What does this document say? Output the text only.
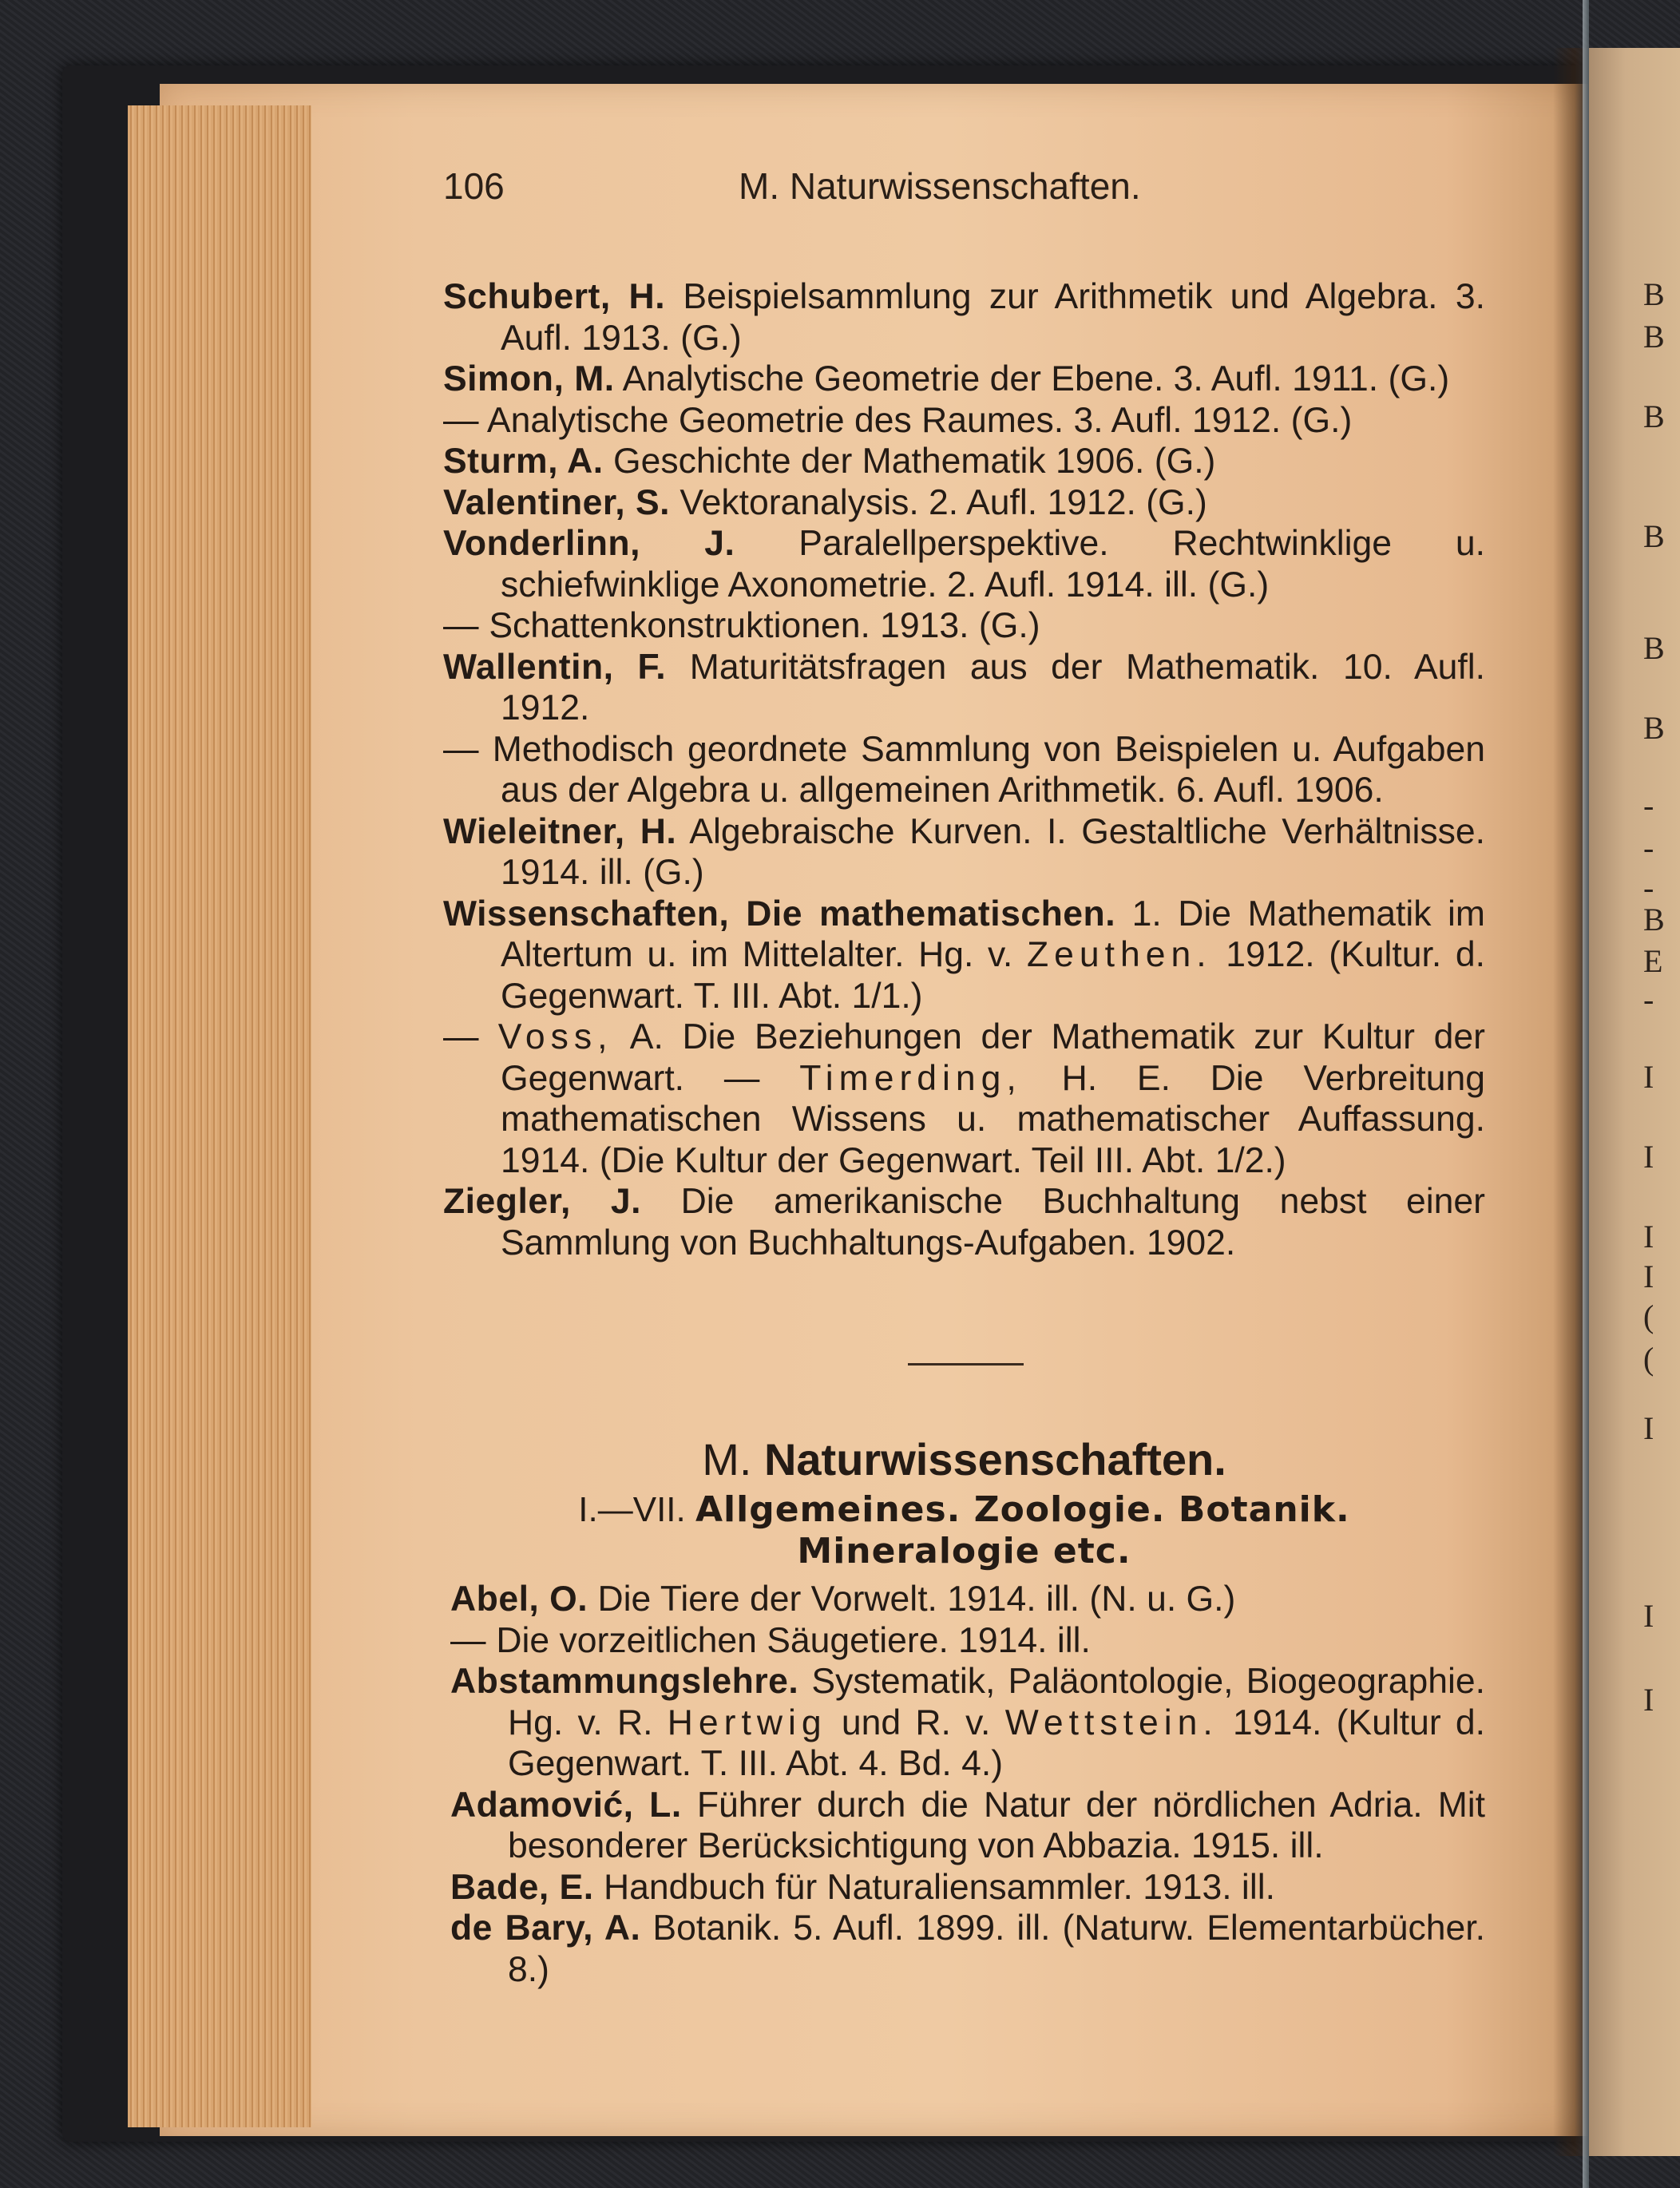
B
B
B
B
B
B
-
-
-
B
E
-
I
I
I
I
(
(
I
I
I
106	M. Naturwissenschaften.
Schubert, H. Beispielsammlung zur Arithmetik und Algebra. 3. Aufl. 1913. (G.)
Simon, M. Analytische Geometrie der Ebene. 3. Aufl. 1911. (G.)
— Analytische Geometrie des Raumes. 3. Aufl. 1912. (G.)
Sturm, A. Geschichte der Mathematik 1906. (G.)
Valentiner, S. Vektoranalysis. 2. Aufl. 1912. (G.)
Vonderlinn, J. Paralellperspektive. Rechtwinklige u. schiefwinklige Axonometrie. 2. Aufl. 1914. ill. (G.)
— Schattenkonstruktionen. 1913. (G.)
Wallentin, F. Maturitätsfragen aus der Mathematik. 10. Aufl. 1912.
— Methodisch geordnete Sammlung von Beispielen u. Aufgaben aus der Algebra u. allgemeinen Arithmetik. 6. Aufl. 1906.
Wieleitner, H. Algebraische Kurven. I. Gestaltliche Verhältnisse. 1914. ill. (G.)
Wissenschaften, Die mathematischen. 1. Die Mathematik im Altertum u. im Mittelalter. Hg. v. Zeuthen. 1912. (Kultur. d. Gegenwart. T. III. Abt. 1/1.)
— Voss, A. Die Beziehungen der Mathematik zur Kultur der Gegenwart. — Timerding, H. E. Die Verbreitung mathematischen Wissens u. mathematischer Auffassung. 1914. (Die Kultur der Gegenwart. Teil III. Abt. 1/2.)
Ziegler, J. Die amerikanische Buchhaltung nebst einer Sammlung von Buchhaltungs-Aufgaben. 1902.
M. Naturwissenschaften.
I.—VII. Allgemeines. Zoologie. Botanik.
Mineralogie etc.
Abel, O. Die Tiere der Vorwelt. 1914. ill. (N. u. G.)
— Die vorzeitlichen Säugetiere. 1914. ill.
Abstammungslehre. Systematik, Paläontologie, Biogeographie. Hg. v. R. Hertwig und R. v. Wettstein. 1914. (Kultur d. Gegenwart. T. III. Abt. 4. Bd. 4.)
Adamović, L. Führer durch die Natur der nördlichen Adria. Mit besonderer Berücksichtigung von Abbazia. 1915. ill.
Bade, E. Handbuch für Naturaliensammler. 1913. ill.
de Bary, A. Botanik. 5. Aufl. 1899. ill. (Naturw. Elementarbücher. 8.)
